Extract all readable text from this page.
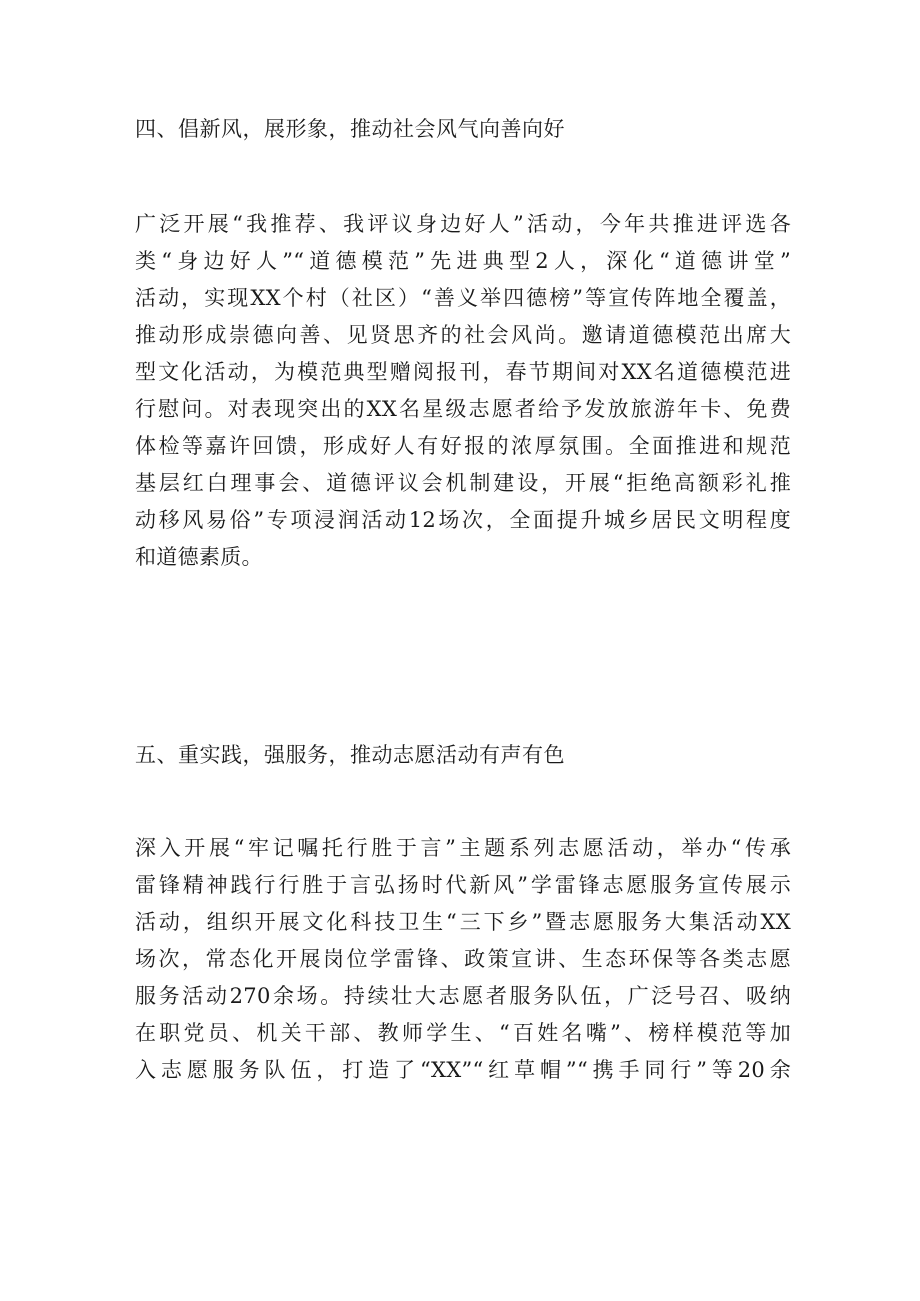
四、倡新风，展形象，推动社会风气向善向好
广泛开展“我推荐、我评议身边好人”活动，今年共推进评选各
类“身边好人”“道德模范”先进典型2人，深化“道德讲堂”
活动，实现XX个村（社区）“善义举四德榜”等宣传阵地全覆盖，
推动形成崇德向善、见贤思齐的社会风尚。邀请道德模范出席大
型文化活动，为模范典型赠阅报刊，春节期间对XX名道德模范进
行慰问。对表现突出的XX名星级志愿者给予发放旅游年卡、免费
体检等嘉许回馈，形成好人有好报的浓厚氛围。全面推进和规范
基层红白理事会、道德评议会机制建设，开展“拒绝高额彩礼推
动移风易俗”专项浸润活动12场次，全面提升城乡居民文明程度
和道德素质。
五、重实践，强服务，推动志愿活动有声有色
深入开展“牢记嘱托行胜于言”主题系列志愿活动，举办“传承
雷锋精神践行行胜于言弘扬时代新风”学雷锋志愿服务宣传展示
活动，组织开展文化科技卫生“三下乡”暨志愿服务大集活动XX
场次，常态化开展岗位学雷锋、政策宣讲、生态环保等各类志愿
服务活动270余场。持续壮大志愿者服务队伍，广泛号召、吸纳
在职党员、机关干部、教师学生、“百姓名嘴”、榜样模范等加
入志愿服务队伍，打造了“XX”“红草帽”“携手同行”等20余
